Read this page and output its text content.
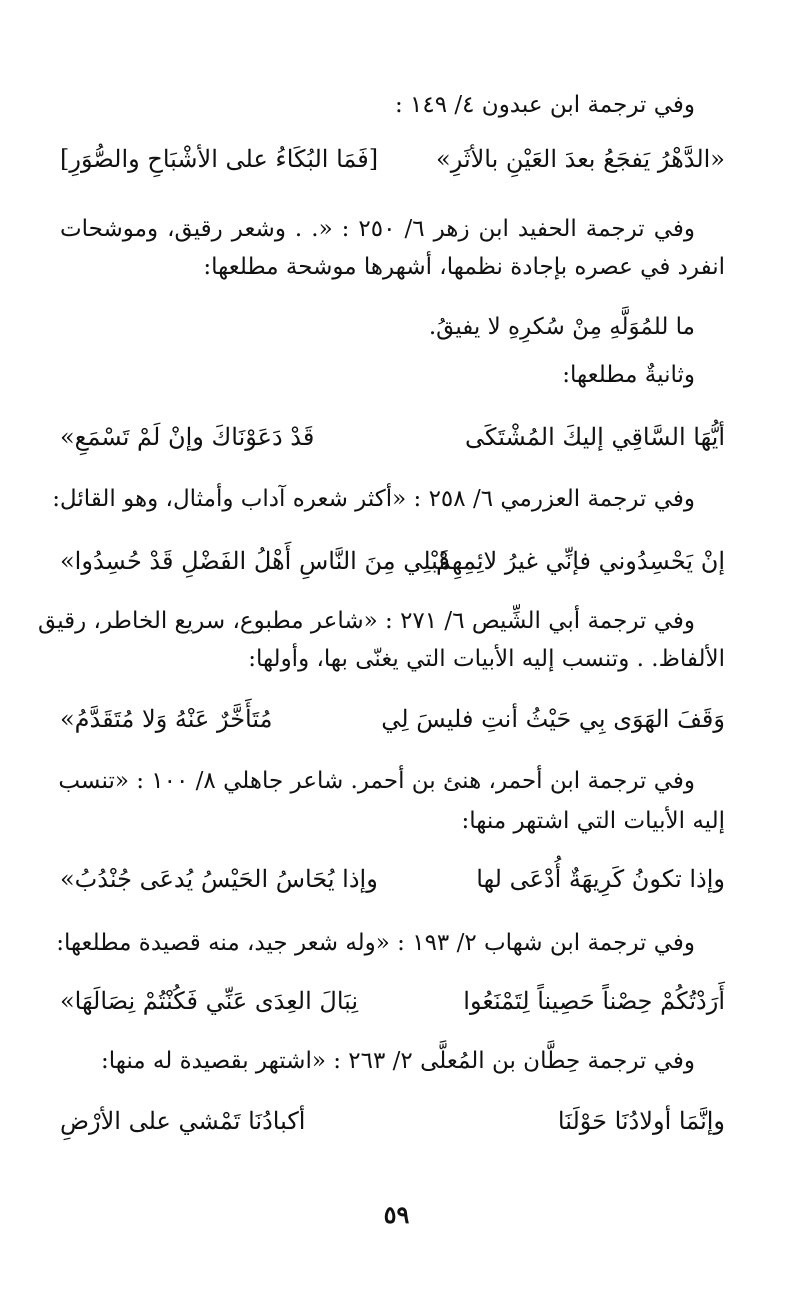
وفي ترجمة ابن عبدون ٤/ ١٤٩ :
«الدَّهْرُ يَفجَعُ بعدَ العَيْنِ بالأثَرِ»
[فَمَا البُكَاءُ على الأشْبَاحِ والصُّوَرِ]
وفي ترجمة الحفيد ابن زهر ٦/ ٢٥٠ : «. . وشعر رقيق، وموشحات
انفرد في عصره بإجادة نظمها، أشهرها موشحة مطلعها:
ما للمُوَلَّهِ مِنْ سُكرِهِ لا يفيقُ.
وثانيةٌ مطلعها:
أيُّهَا السَّاقِي إليكَ المُشْتَكَى
قَدْ دَعَوْنَاكَ وإنْ لَمْ تَسْمَعِ»
وفي ترجمة العزرمي ٦/ ٢٥٨ : «أكثر شعره آداب وأمثال، وهو القائل:
إنْ يَحْسِدُوني فإنِّي غيرُ لائِمِهِمْ
قَبْلِي مِنَ النَّاسِ أَهْلُ الفَضْلِ قَدْ حُسِدُوا»
وفي ترجمة أبي الشِّيص ٦/ ٢٧١ : «شاعر مطبوع، سريع الخاطر، رقيق
الألفاظ. . وتنسب إليه الأبيات التي يغنّى بها، وأولها:
وَقَفَ الهَوَى بِي حَيْثُ أنتِ فليسَ لِي
مُتَأَخَّرٌ عَنْهُ وَلا مُتَقَدَّمُ»
وفي ترجمة ابن أحمر، هنئ بن أحمر. شاعر جاهلي ٨/ ١٠٠ : «تنسب
إليه الأبيات التي اشتهر منها:
وإذا تكونُ كَرِيهَةٌ أُدْعَى لها
وإذا يُحَاسُ الحَيْسُ يُدعَى جُنْدُبُ»
وفي ترجمة ابن شهاب ٢/ ١٩٣ : «وله شعر جيد، منه قصيدة مطلعها:
أَرَدْتُكُمْ حِصْناً حَصِيناً لِتَمْنَعُوا
نِبَالَ العِدَى عَنِّي فَكُنْتُمْ نِصَالَهَا»
وفي ترجمة حِطَّان بن المُعلَّى ٢/ ٢٦٣ : «اشتهر بقصيدة له منها:
وإنَّمَا أولادُنَا حَوْلَنَا
أكبادُنَا تَمْشي على الأرْضِ
٥٩
